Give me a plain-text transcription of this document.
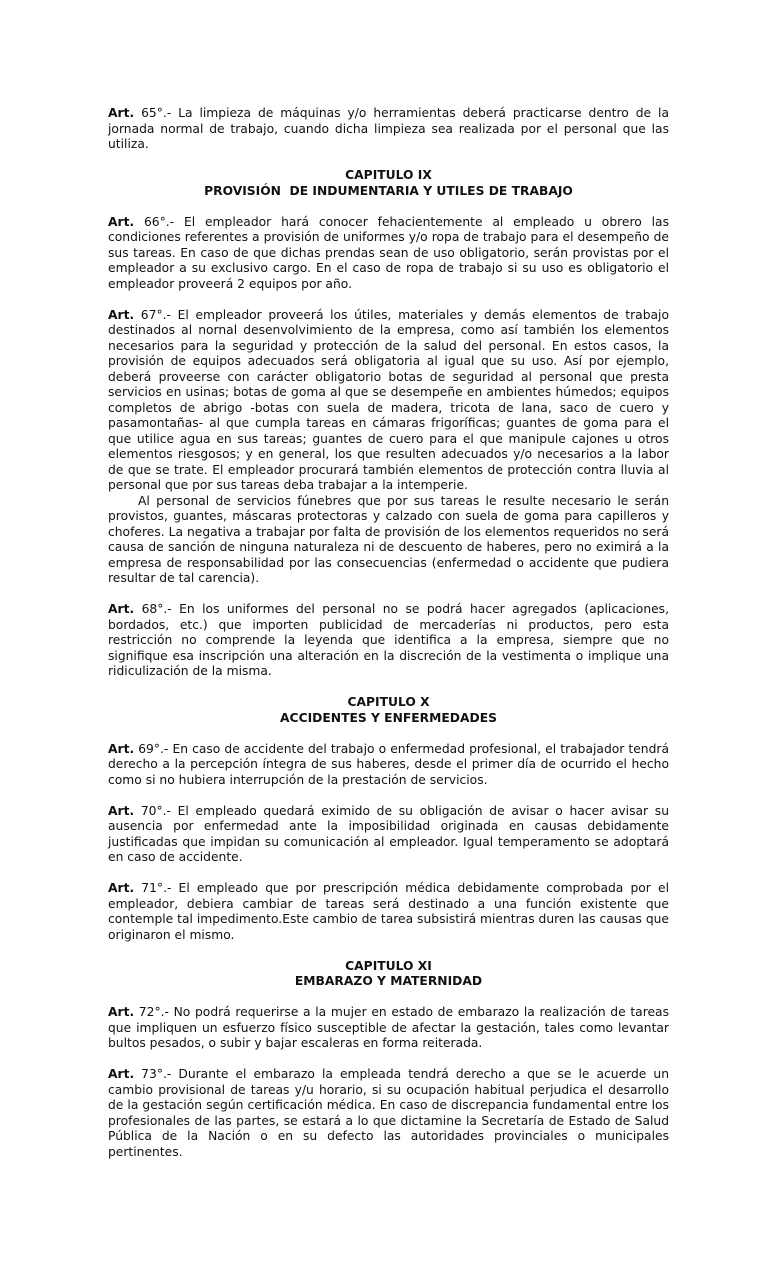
Art. 65°.- La limpieza de máquinas y/o herramientas deberá practicarse dentro de la jornada normal de trabajo, cuando dicha limpieza sea realizada por el personal que las utiliza.

CAPITULO IX
PROVISIÓN  DE INDUMENTARIA Y UTILES DE TRABAJO

Art. 66°.- El empleador hará conocer fehacientemente al empleado u obrero las condiciones referentes a provisión de uniformes y/o ropa de trabajo para el desempeño de sus tareas. En caso de que dichas prendas sean de uso obligatorio, serán provistas por el empleador a su exclusivo cargo. En el caso de ropa de trabajo si su uso es obligatorio el empleador proveerá 2 equipos por año.

Art. 67°.- El empleador proveerá los útiles, materiales y demás elementos de trabajo destinados al nornal desenvolvimiento de la empresa, como así también los elementos necesarios para la seguridad y protección de la salud del personal. En estos casos, la provisión de equipos adecuados será obligatoria al igual que su uso. Así por ejemplo, deberá proveerse con carácter obligatorio botas de seguridad al personal que presta servicios en usinas; botas de goma al que se desempeñe en ambientes húmedos; equipos completos de abrigo -botas con suela de madera, tricota de lana, saco de cuero y pasamontañas- al que cumpla tareas en cámaras frigoríficas; guantes de goma para el que utilice agua en sus tareas; guantes de cuero para el que manipule cajones u otros elementos riesgosos; y en general, los que resulten adecuados y/o necesarios a la labor de que se trate. El empleador procurará también elementos de protección contra lluvia al personal que por sus tareas deba trabajar a la intemperie.

Al personal de servicios fúnebres que por sus tareas le resulte necesario le serán provistos, guantes, máscaras protectoras y calzado con suela de goma para capilleros y choferes. La negativa a trabajar por falta de provisión de los elementos requeridos no será causa de sanción de ninguna naturaleza ni de descuento de haberes, pero no eximirá a la empresa de responsabilidad por las consecuencias (enfermedad o accidente que pudiera resultar de tal carencia).

Art. 68°.- En los uniformes del personal no se podrá hacer agregados (aplicaciones, bordados, etc.) que importen publicidad de mercaderías ni productos, pero esta restricción no comprende la leyenda que identifica a la empresa, siempre que no signifique esa inscripción una alteración en la discreción de la vestimenta o implique una ridiculización de la misma.

CAPITULO X
ACCIDENTES Y ENFERMEDADES

Art. 69°.- En caso de accidente del trabajo o enfermedad profesional, el trabajador tendrá derecho a la percepción íntegra de sus haberes, desde el primer día de ocurrido el hecho como si no hubiera interrupción de la prestación de servicios.

Art. 70°.- El empleado quedará eximido de su obligación de avisar o hacer avisar su ausencia por enfermedad ante la imposibilidad originada en causas debidamente justificadas que impidan su comunicación al empleador. Igual temperamento se adoptará en caso de accidente.

Art. 71°.- El empleado que por prescripción médica debidamente comprobada por el empleador, debiera cambiar de tareas será destinado a una función existente que contemple tal impedimento.Este cambio de tarea subsistirá mientras duren las causas que originaron el mismo.

CAPITULO XI
EMBARAZO Y MATERNIDAD

Art. 72°.- No podrá requerirse a la mujer en estado de embarazo la realización de tareas que impliquen un esfuerzo físico susceptible de afectar la gestación, tales como levantar bultos pesados, o subir y bajar escaleras en forma reiterada.

Art. 73°.- Durante el embarazo la empleada tendrá derecho a que se le acuerde un cambio provisional de tareas y/u horario, si su ocupación habitual perjudica el desarrollo de la gestación según certificación médica. En caso de discrepancia fundamental entre los profesionales de las partes, se estará a lo que dictamine la Secretaría de Estado de Salud Pública de la Nación o en su defecto las autoridades provinciales o municipales pertinentes.
